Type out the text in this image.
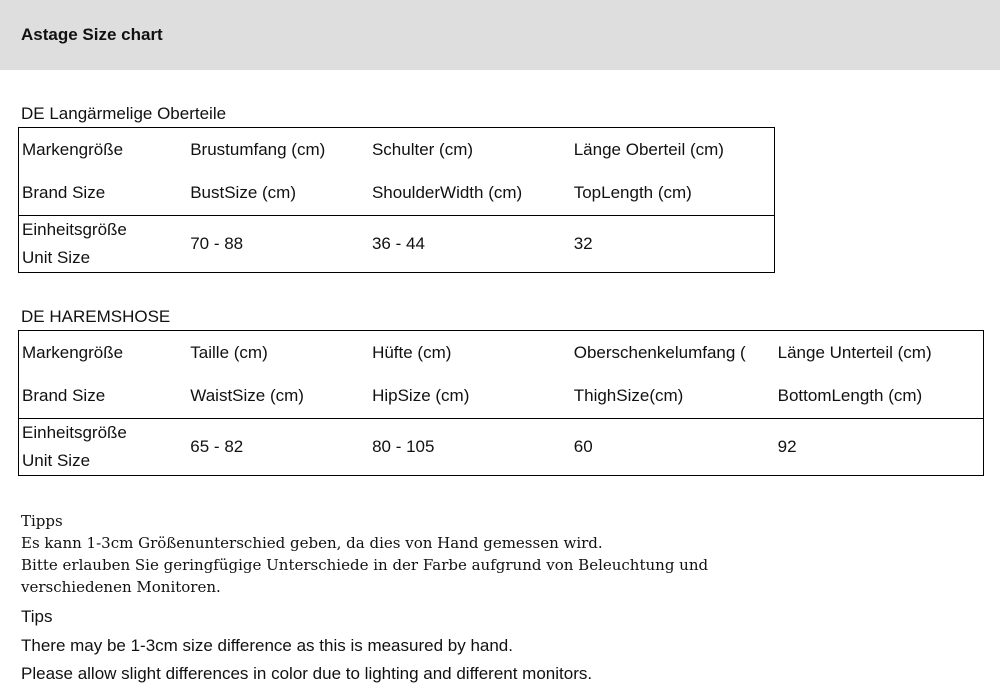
Astage Size chart
DE Langärmelige Oberteile
Markengröße	Brustumfang (cm)	Schulter (cm)	Länge Oberteil (cm)
Brand Size	BustSize (cm)	ShoulderWidth (cm)	TopLength (cm)

Einheitsgröße
Unit Size	70 - 88	36 - 44	32
DE HAREMSHOSE
Markengröße	Taille (cm)	Hüfte (cm)	Oberschenkelumfang (	Länge Unterteil (cm)
Brand Size	WaistSize (cm)	HipSize (cm)	ThighSize(cm)	BottomLength (cm)

Einheitsgröße
Unit Size	65 - 82	80 - 105	60	92
Tipps
Es kann 1-3cm Größenunterschied geben, da dies von Hand gemessen wird.
Bitte erlauben Sie geringfügige Unterschiede in der Farbe aufgrund von Beleuchtung und
verschiedenen Monitoren.
Tips
There may be 1-3cm size difference as this is measured by hand.
Please allow slight differences in color due to lighting and different monitors.
